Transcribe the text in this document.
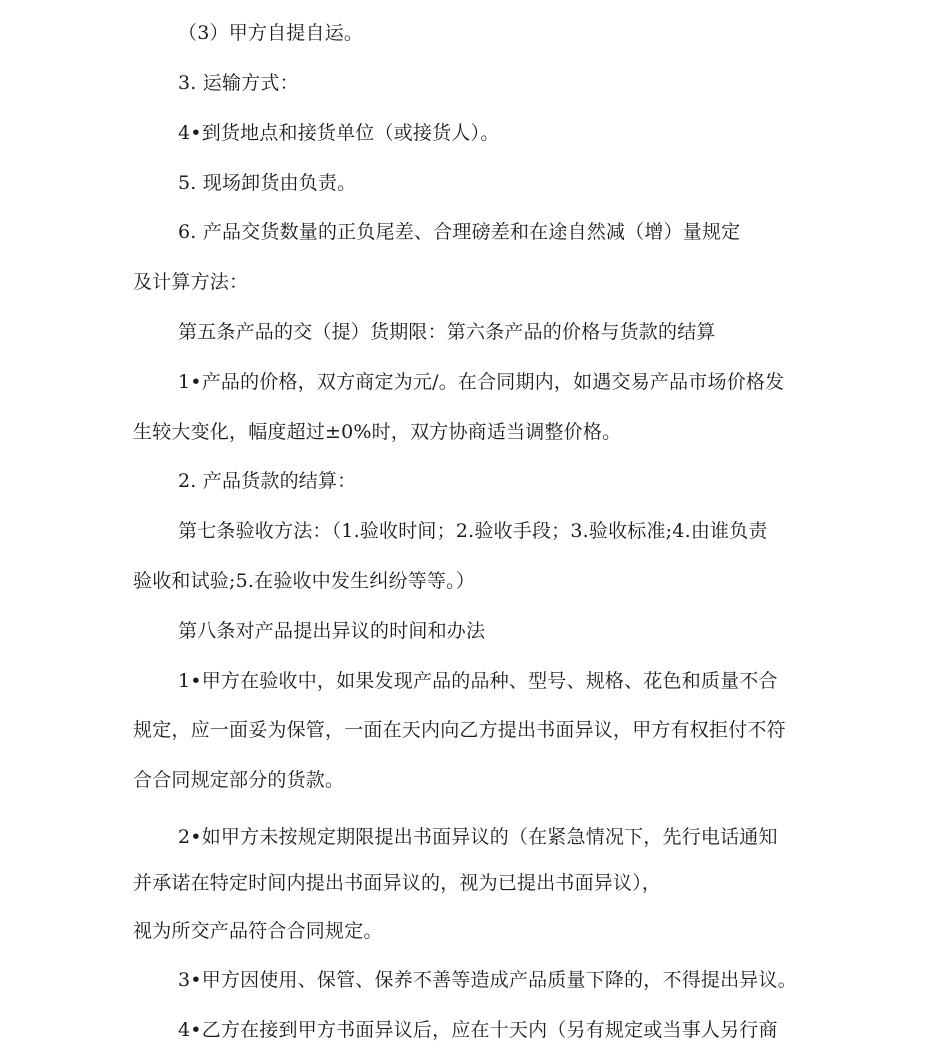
（3）甲方自提自运。
3. 运输方式：
4•到货地点和接货单位（或接货人）。
5. 现场卸货由负责。
6. 产品交货数量的正负尾差、合理磅差和在途自然减（增）量规定
及计算方法：
第五条产品的交（提）货期限：第六条产品的价格与货款的结算
1•产品的价格，双方商定为元/。在合同期内，如遇交易产品市场价格发
生较大变化，幅度超过±0%时，双方协商适当调整价格。
2. 产品货款的结算：
第七条验收方法：（1.验收时间；2.验收手段；3.验收标准;4.由谁负责
验收和试验;5.在验收中发生纠纷等等。）
第八条对产品提出异议的时间和办法
1•甲方在验收中，如果发现产品的品种、型号、规格、花色和质量不合
规定，应一面妥为保管，一面在天内向乙方提出书面异议，甲方有权拒付不符
合合同规定部分的货款。
2•如甲方未按规定期限提出书面异议的（在紧急情况下，先行电话通知
并承诺在特定时间内提出书面异议的，视为已提出书面异议），
视为所交产品符合合同规定。
3•甲方因使用、保管、保养不善等造成产品质量下降的，不得提出异议。
4•乙方在接到甲方书面异议后，应在十天内（另有规定或当事人另行商
